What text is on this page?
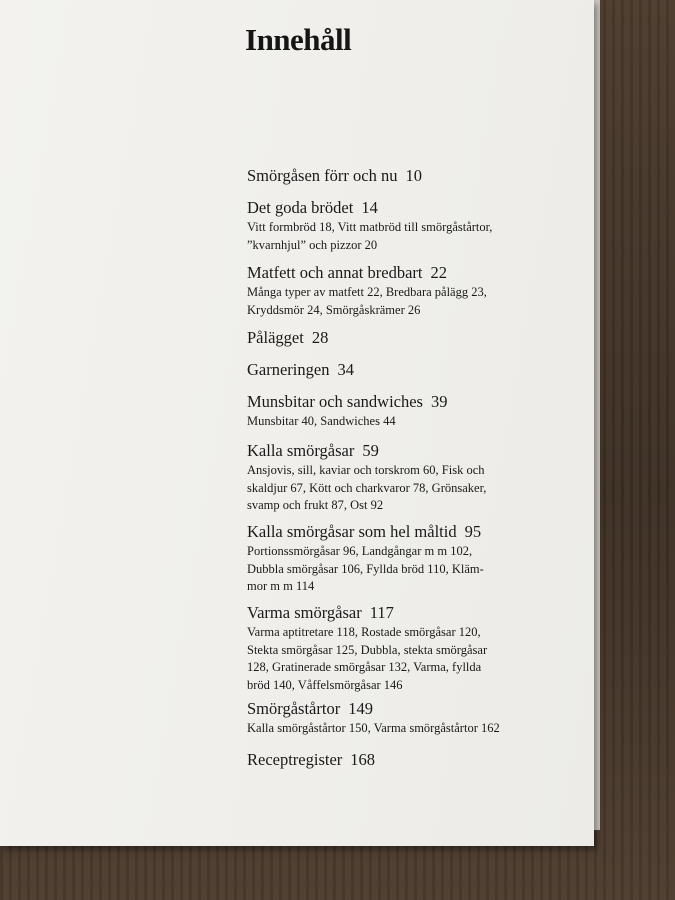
Innehåll
Smörgåsen förr och nu 10
Det goda brödet 14
Vitt formbröd 18, Vitt matbröd till smörgåstårtor,
”kvarnhjul” och pizzor 20
Matfett och annat bredbart 22
Många typer av matfett 22, Bredbara pålägg 23,
Kryddsmör 24, Smörgåskrämer 26
Pålägget 28
Garneringen 34
Munsbitar och sandwiches 39
Munsbitar 40, Sandwiches 44
Kalla smörgåsar 59
Ansjovis, sill, kaviar och torskrom 60, Fisk och
skaldjur 67, Kött och charkvaror 78, Grönsaker,
svamp och frukt 87, Ost 92
Kalla smörgåsar som hel måltid 95
Portionssmörgåsar 96, Landgångar m m 102,
Dubbla smörgåsar 106, Fyllda bröd 110, Kläm-
mor m m 114
Varma smörgåsar 117
Varma aptitretare 118, Rostade smörgåsar 120,
Stekta smörgåsar 125, Dubbla, stekta smörgåsar
128, Gratinerade smörgåsar 132, Varma, fyllda
bröd 140, Våffelsmörgåsar 146
Smörgåstårtor 149
Kalla smörgåstårtor 150, Varma smörgåstårtor 162
Receptregister 168
